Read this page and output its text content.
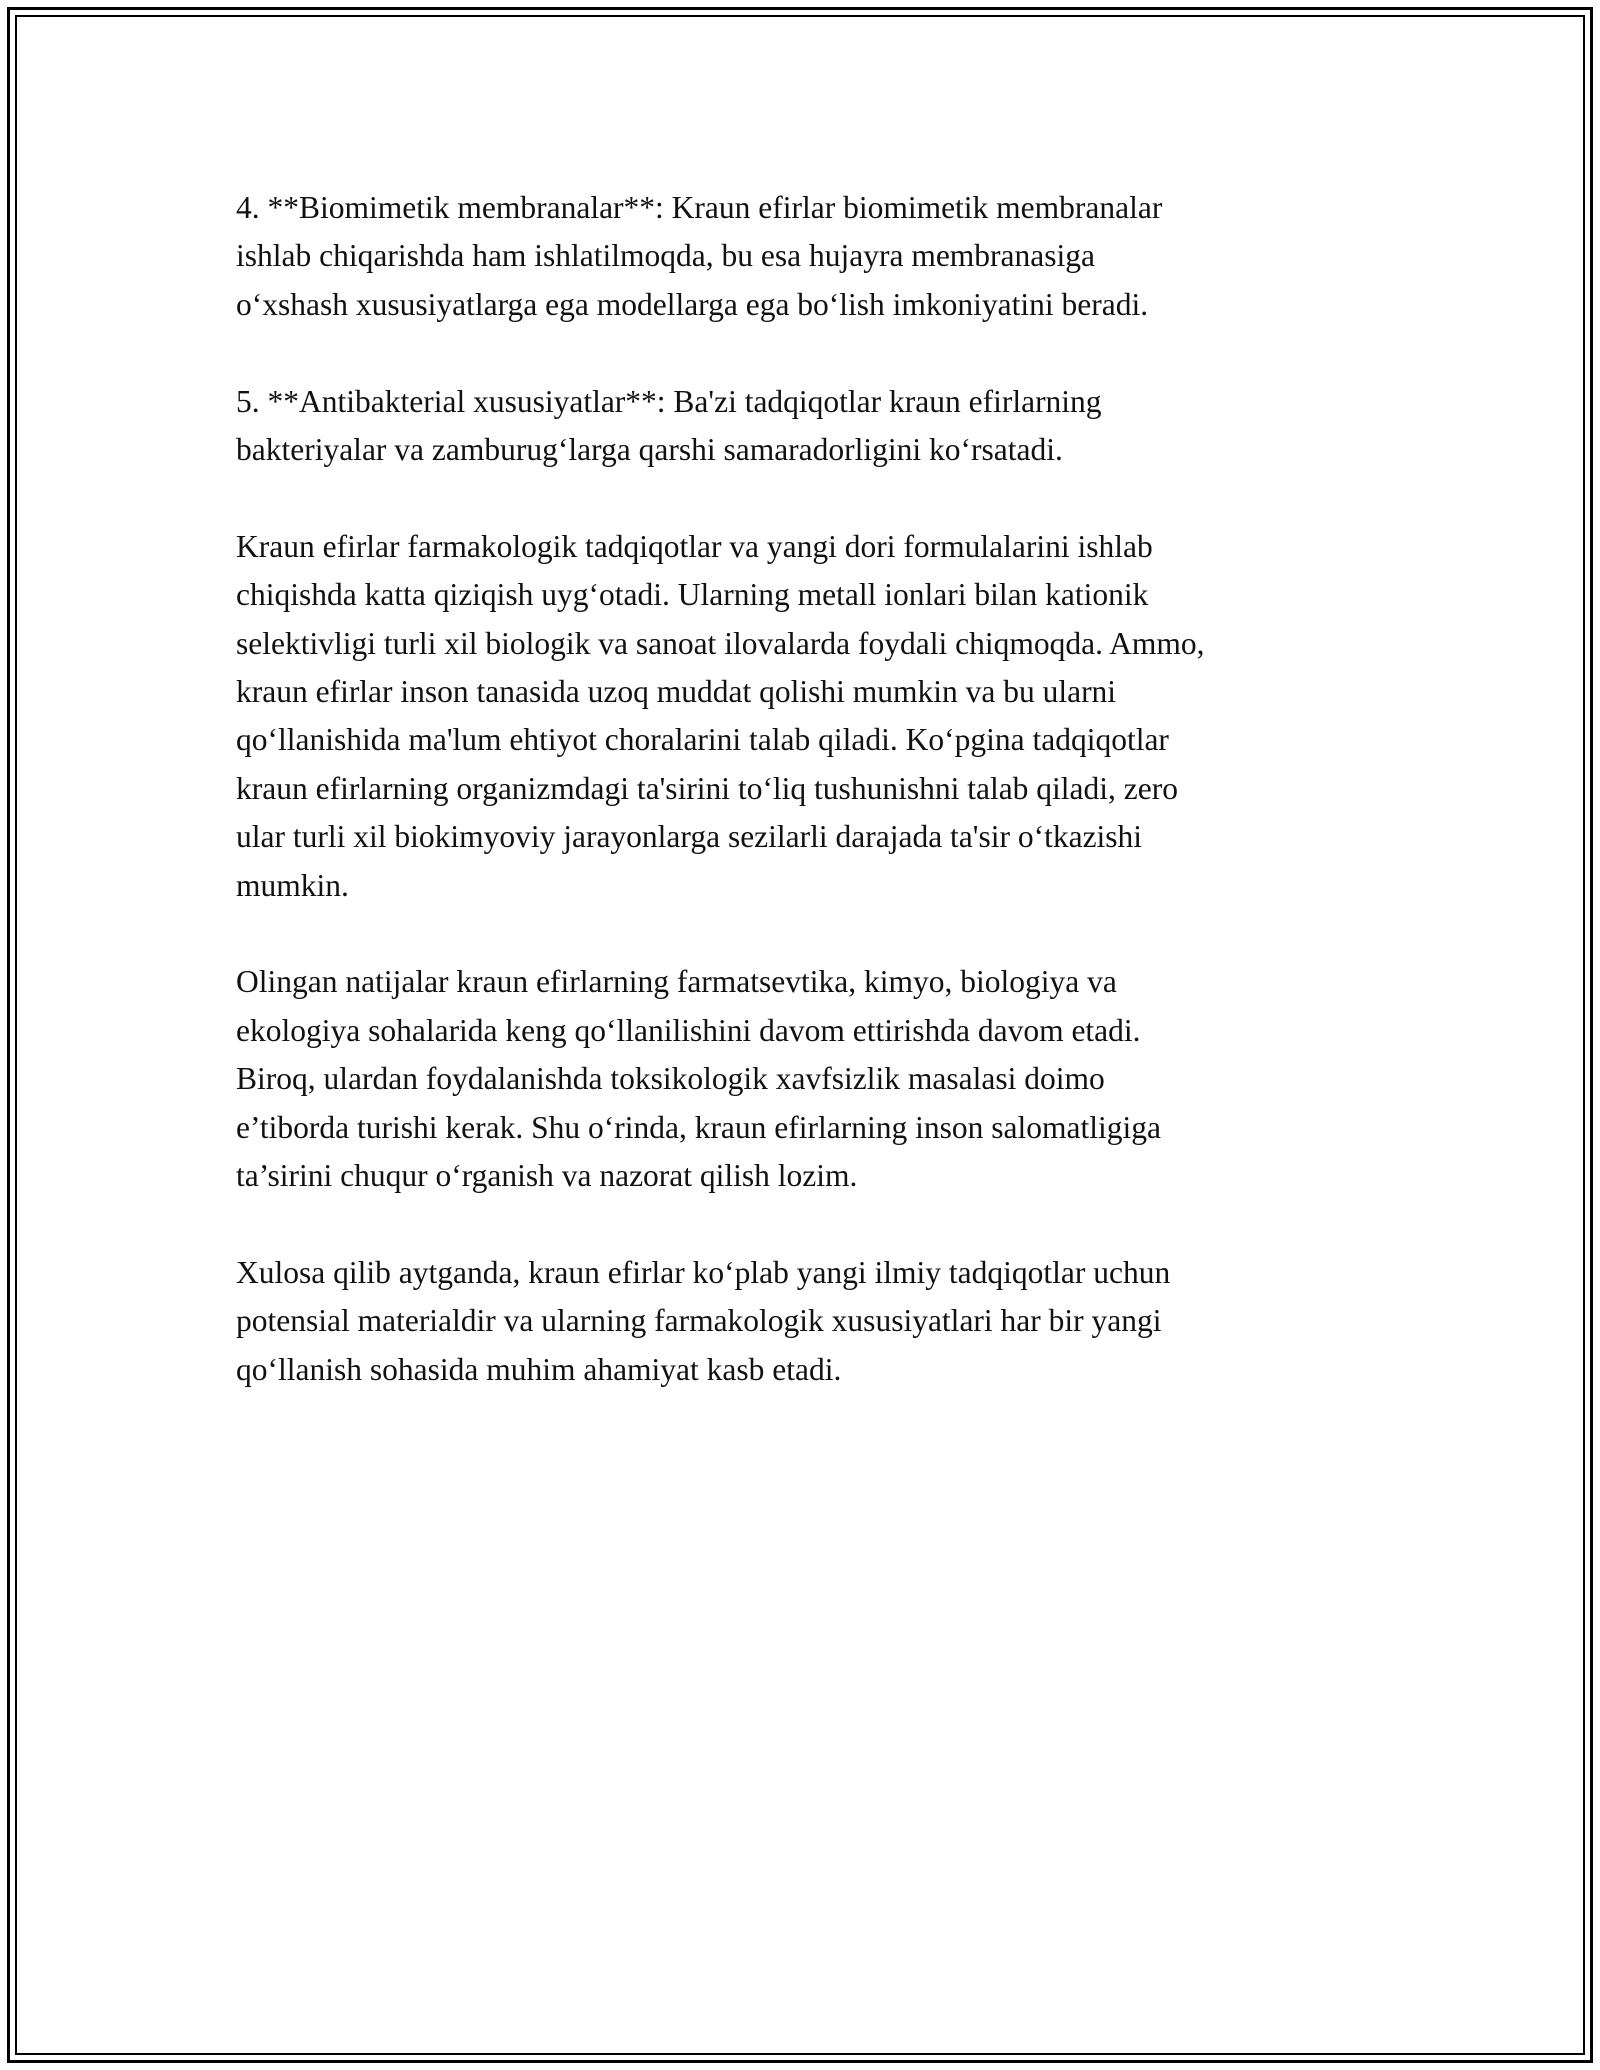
4. **Biomimetik membranalar**: Kraun efirlar biomimetik membranalar
ishlab chiqarishda ham ishlatilmoqda, bu esa hujayra membranasiga
o‘xshash xususiyatlarga ega modellarga ega bo‘lish imkoniyatini beradi.

5. **Antibakterial xususiyatlar**: Ba'zi tadqiqotlar kraun efirlarning
bakteriyalar va zamburug‘larga qarshi samaradorligini ko‘rsatadi.

Kraun efirlar farmakologik tadqiqotlar va yangi dori formulalarini ishlab
chiqishda katta qiziqish uyg‘otadi. Ularning metall ionlari bilan kationik
selektivligi turli xil biologik va sanoat ilovalarda foydali chiqmoqda. Ammo,
kraun efirlar inson tanasida uzoq muddat qolishi mumkin va bu ularni
qo‘llanishida ma'lum ehtiyot choralarini talab qiladi. Ko‘pgina tadqiqotlar
kraun efirlarning organizmdagi ta'sirini to‘liq tushunishni talab qiladi, zero
ular turli xil biokimyoviy jarayonlarga sezilarli darajada ta'sir o‘tkazishi
mumkin.

Olingan natijalar kraun efirlarning farmatsevtika, kimyo, biologiya va
ekologiya sohalarida keng qo‘llanilishini davom ettirishda davom etadi.
Biroq, ulardan foydalanishda toksikologik xavfsizlik masalasi doimo
e’tiborda turishi kerak. Shu o‘rinda, kraun efirlarning inson salomatligiga
ta’sirini chuqur o‘rganish va nazorat qilish lozim.

Xulosa qilib aytganda, kraun efirlar ko‘plab yangi ilmiy tadqiqotlar uchun
potensial materialdir va ularning farmakologik xususiyatlari har bir yangi
qo‘llanish sohasida muhim ahamiyat kasb etadi.
